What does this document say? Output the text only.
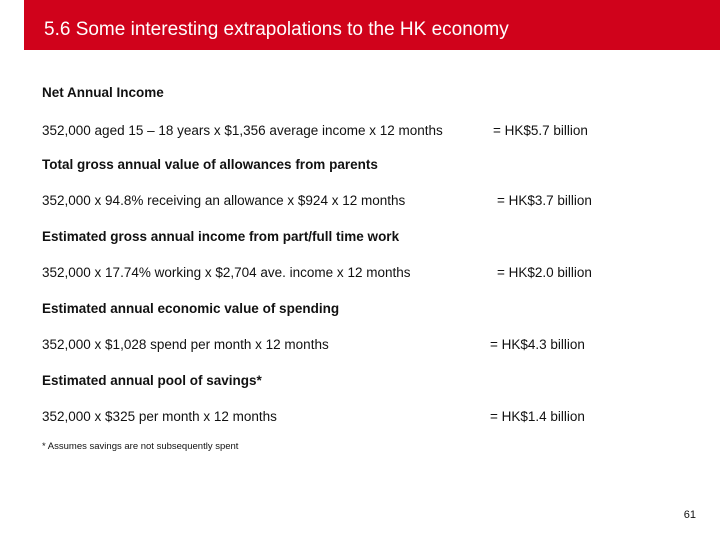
5.6 Some interesting extrapolations to the HK economy
Net Annual Income
352,000 aged 15 – 18 years x $1,356 average income x 12 months	= HK$5.7 billion
Total gross annual value of allowances from parents
352,000 x 94.8% receiving an allowance x $924 x 12 months	= HK$3.7 billion
Estimated gross annual income from part/full time work
352,000 x 17.74% working x $2,704 ave. income x 12 months	= HK$2.0 billion
Estimated annual economic value of spending
352,000 x $1,028 spend per month x 12 months	= HK$4.3 billion
Estimated annual pool of savings*
352,000 x $325 per month x 12 months	= HK$1.4 billion
* Assumes savings are not subsequently spent
61
